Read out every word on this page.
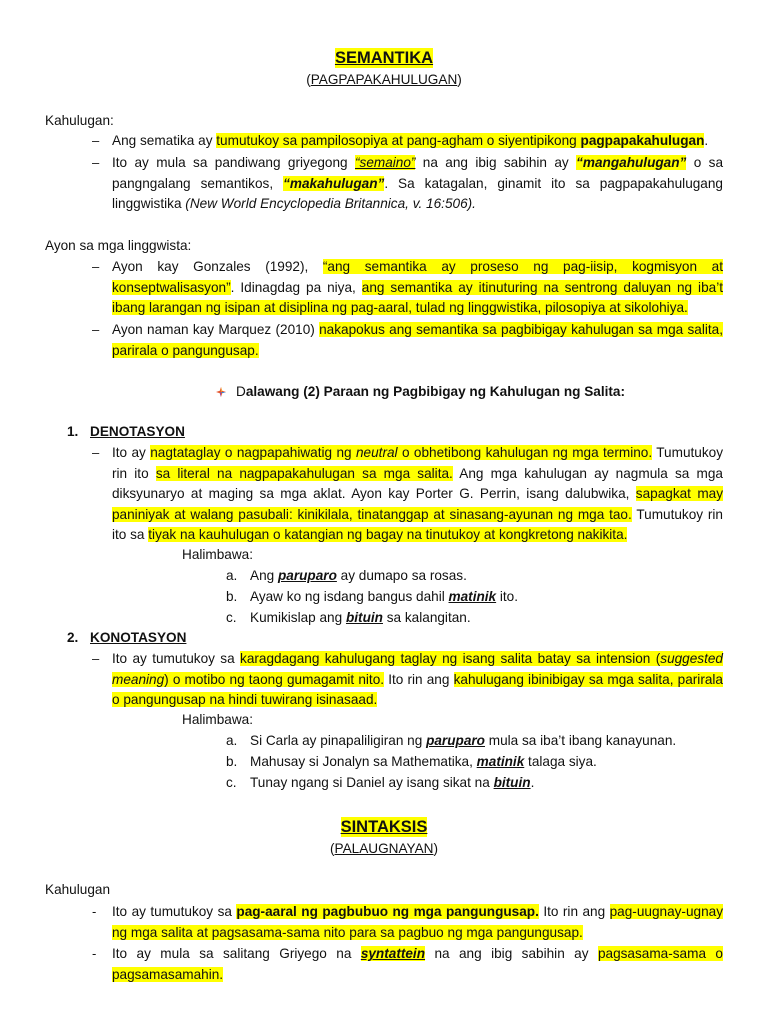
SEMANTIKA
(PAGPAPAKAHULUGAN)
Kahulugan:
– Ang sematika ay tumutukoy sa pampilosopiya at pang-agham o siyentipikong pagpapakahulugan.
– Ito ay mula sa pandiwang griyegong “semaino” na ang ibig sabihin ay “mangahulugan” o sa pangngalang semantikos, “makahulugan”. Sa katagalan, ginamit ito sa pagpapakahulugang linggwistika (New World Encyclopedia Britannica, v. 16:506).
Ayon sa mga linggwista:
– Ayon kay Gonzales (1992), “ang semantika ay proseso ng pag-iisip, kogmisyon at konseptwalisasyon”. Idinagdag pa niya, ang semantika ay itinuturing na sentrong daluyan ng iba’t ibang larangan ng isipan at disiplina ng pag-aaral, tulad ng linggwistika, pilosopiya at sikolohiya.
– Ayon naman kay Marquez (2010) nakapokus ang semantika sa pagbibigay kahulugan sa mga salita, parirala o pangungusap.
Dalawang (2) Paraan ng Pagbibigay ng Kahulugan ng Salita:
1. DENOTASYON
– Ito ay nagtataglay o nagpapahiwatig ng neutral o obhetibong kahulugan ng mga termino. Tumutukoy rin ito sa literal na nagpapakahulugan sa mga salita. Ang mga kahulugan ay nagmula sa mga diksyunaryo at maging sa mga aklat. Ayon kay Porter G. Perrin, isang dalubwika, sapagkat may paniniyak at walang pasubali: kinikilala, tinatanggap at sinasang-ayunan ng mga tao. Tumutukoy rin ito sa tiyak na kauhulugan o katangian ng bagay na tinutukoy at kongkretong nakikita.
Halimbawa:
a. Ang paruparo ay dumapo sa rosas.
b. Ayaw ko ng isdang bangus dahil matinik ito.
c. Kumikislap ang bituin sa kalangitan.
2. KONOTASYON
– Ito ay tumutukoy sa karagdagang kahulugang taglay ng isang salita batay sa intension (suggested meaning) o motibo ng taong gumagamit nito. Ito rin ang kahulugang ibinibigay sa mga salita, parirala o pangungusap na hindi tuwirang isinasaad.
Halimbawa:
a. Si Carla ay pinapaliligiran ng paruparo mula sa iba’t ibang kanayunan.
b. Mahusay si Jonalyn sa Mathematika, matinik talaga siya.
c. Tunay ngang si Daniel ay isang sikat na bituin.
SINTAKSIS
(PALAUGNAYAN)
Kahulugan
- Ito ay tumutukoy sa pag-aaral ng pagbubuo ng mga pangungusap. Ito rin ang pag-uugnay-ugnay ng mga salita at pagsasama-sama nito para sa pagbuo ng mga pangungusap.
- Ito ay mula sa salitang Griyego na syntattein na ang ibig sabihin ay pagsasama-sama o pagsamasamahin.
